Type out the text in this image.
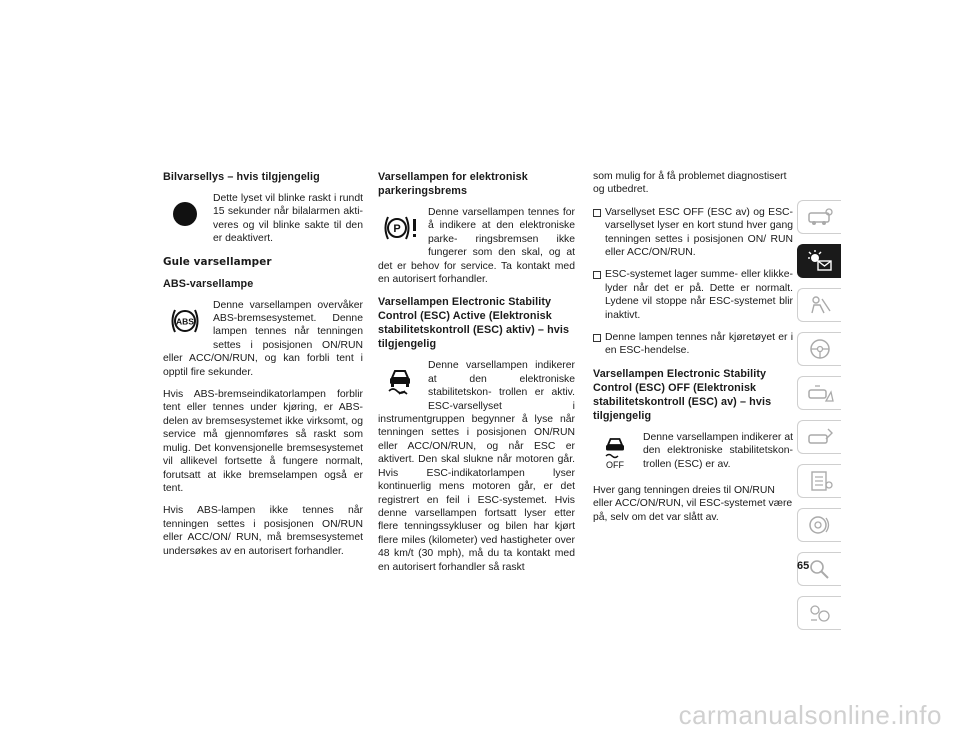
Bilvarsellys – hvis tilgjengelig
Dette lyset vil blinke raskt i rundt 15 sekunder når bilalarmen akti- veres og vil blinke sakte til den er deaktivert.
Gule varsellamper
ABS-varsellampe
ABS
Denne varsellampen overvåker ABS-bremsesystemet. Denne lampen tennes når tenningen settes i posisjonen ON/RUN eller ACC/ON/RUN, og kan forbli tent i opptil fire sekunder.

Hvis ABS-bremseindikatorlampen forblir tent eller tennes under kjøring, er ABS-delen av bremsesystemet ikke virksomt, og service må gjennomføres så raskt som mulig. Det konvensjonelle bremsesystemet vil allikevel fortsette å fungere normalt, forutsatt at ikke bremselampen også er tent.

Hvis ABS-lampen ikke tennes når tenningen settes i posisjonen ON/RUN eller ACC/ON/ RUN, må bremsesystemet undersøkes av en autorisert forhandler.

Varsellampen for elektronisk parkeringsbrems
P
Denne varsellampen tennes for å indikere at den elektroniske parke- ringsbremsen ikke fungerer som den skal, og at det er behov for service. Ta kontakt med en autorisert forhandler.
Varsellampen Electronic Stability Control (ESC) Active (Elektronisk stabilitetskontroll (ESC) aktiv) – hvis tilgjengelig
Denne varsellampen indikerer at den elektroniske stabilitetskon- trollen er aktiv. ESC-varsellyset i instrumentgruppen begynner å lyse når tenningen settes i posisjonen ON/RUN eller ACC/ON/RUN, og når ESC er aktivert. Den skal slukne når motoren går. Hvis ESC-indikatorlampen lyser kontinuerlig mens motoren går, er det registrert en feil i ESC-systemet. Hvis denne varsellampen fortsatt lyser etter flere tenningssykluser og bilen har kjørt flere miles (kilometer) ved hastigheter over 48 km/t (30 mph), må du ta kontakt med en autorisert forhandler så raskt

som mulig for å få problemet diagnostisert og utbedret.

Varsellyset ESC OFF (ESC av) og ESC-varsellyset lyser en kort stund hver gang tenningen settes i posisjonen ON/ RUN eller ACC/ON/RUN.
ESC-systemet lager summe- eller klikke- lyder når det er på. Dette er normalt. Lydene vil stoppe når ESC-systemet blir inaktivt.
Denne lampen tennes når kjøretøyet er i en ESC-hendelse.
Varsellampen Electronic Stability Control (ESC) OFF (Elektronisk stabilitetskontroll (ESC) av) – hvis tilgjengelig
OFF
Denne varsellampen indikerer at den elektroniske stabilitetskon- trollen (ESC) er av.

Hver gang tenningen dreies til ON/RUN eller ACC/ON/RUN, vil ESC-systemet være på, selv om det var slått av.

65
carmanualsonline.info
